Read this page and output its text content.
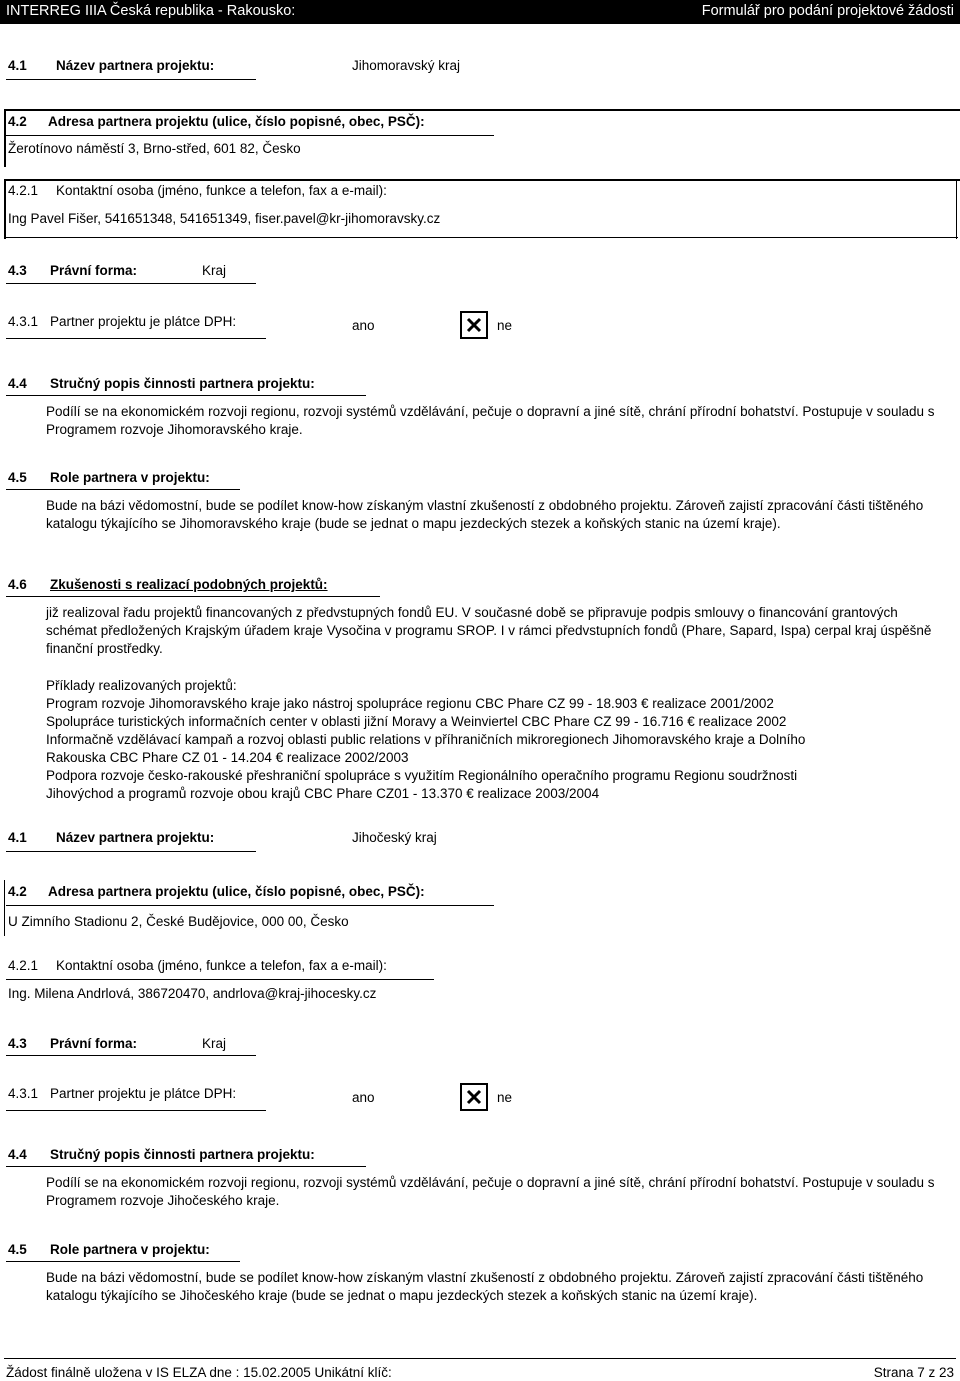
INTERREG IIIA Česká republika - Rakousko:	Formulář pro podání projektové žádosti
4.1 Název partnera projektu:	Jihomoravský kraj
4.2 Adresa partnera projektu (ulice, číslo popisné, obec, PSČ):
Žerotínovo náměstí 3, Brno-střed, 601 82, Česko
4.2.1 Kontaktní osoba (jméno, funkce a telefon, fax a e-mail):
Ing Pavel Fišer, 541651348, 541651349, fiser.pavel@kr-jihomoravsky.cz
4.3 Právní forma:	Kraj
4.3.1 Partner projektu je plátce DPH:	ano	ne
4.4 Stručný popis činnosti partnera projektu:
Podílí se na ekonomickém rozvoji regionu, rozvoji systémů vzdělávání, pečuje o dopravní a jiné sítě, chrání přírodní bohatství. Postupuje v souladu s Programem rozvoje Jihomoravského kraje.
4.5 Role partnera v projektu:
Bude na bázi vědomostní, bude se podílet know-how získaným vlastní zkušeností z obdobného projektu. Zároveň zajistí zpracování části tištěného katalogu týkajícího se Jihomoravského kraje (bude se jednat o mapu jezdeckých stezek a koňských stanic na území kraje).
4.6 Zkušenosti s realizací podobných projektů:
již realizoval řadu projektů financovaných z předvstupných fondů EU. V současné době se připravuje podpis smlouvy o financování grantových schémat předložených Krajským úřadem kraje Vysočina v programu SROP. I v rámci předvstupních fondů (Phare, Sapard, Ispa) cerpal kraj úspěšně finanční prostředky.
Příklady realizovaných projektů:
Program rozvoje Jihomoravského kraje jako nástroj spolupráce regionu CBC Phare CZ 99 - 18.903 € realizace 2001/2002
Spolupráce turistických informačních center v oblasti jižní Moravy a Weinviertel CBC Phare CZ 99 - 16.716 € realizace 2002
Informačně vzdělávací kampaň a rozvoj oblasti public relations v příhraničních mikroregionech Jihomoravského kraje a Dolního
Rakouska CBC Phare CZ 01 - 14.204 € realizace 2002/2003
Podpora rozvoje česko-rakouské přeshraniční spolupráce s využitím Regionálního operačního programu Regionu soudržnosti
Jihovýchod a programů rozvoje obou krajů CBC Phare CZ01 - 13.370 € realizace 2003/2004
4.1 Název partnera projektu:	Jihočeský kraj
4.2 Adresa partnera projektu (ulice, číslo popisné, obec, PSČ):
U Zimního Stadionu 2, České Budějovice, 000 00, Česko
4.2.1 Kontaktní osoba (jméno, funkce a telefon, fax a e-mail):
Ing. Milena Andrlová, 386720470, andrlova@kraj-jihocesky.cz
4.3 Právní forma:	Kraj
4.3.1 Partner projektu je plátce DPH:	ano	ne
4.4 Stručný popis činnosti partnera projektu:
Podílí se na ekonomickém rozvoji regionu, rozvoji systémů vzdělávání, pečuje o dopravní a jiné sítě, chrání přírodní bohatství. Postupuje v souladu s Programem rozvoje Jihočeského kraje.
4.5 Role partnera v projektu:
Bude na bázi vědomostní, bude se podílet know-how získaným vlastní zkušeností z obdobného projektu. Zároveň zajistí zpracování části tištěného katalogu týkajícího se Jihočeského kraje (bude se jednat o mapu jezdeckých stezek a koňských stanic na území kraje).
Žádost finálně uložena v IS ELZA dne : 15.02.2005 Unikátní klíč:	Strana 7 z 23
